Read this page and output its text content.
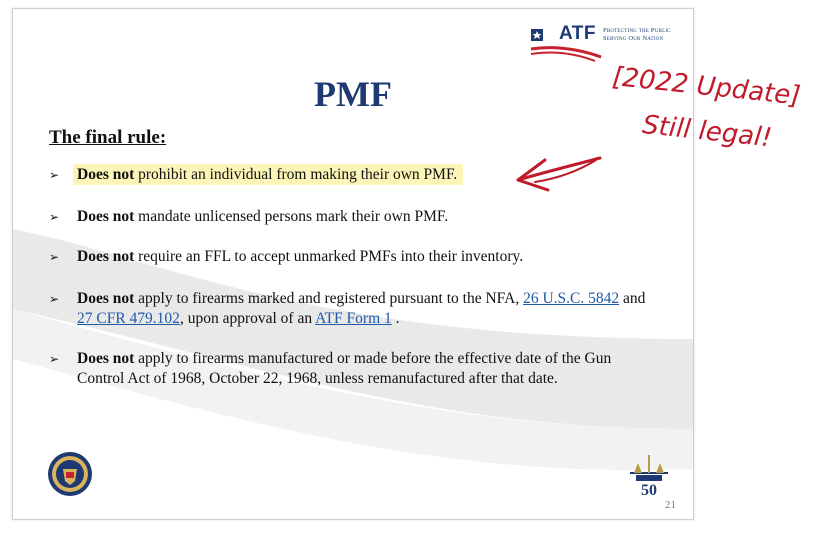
ATF Protecting the Public
Serving Our Nation
PMF
The final rule:
➢ Does not prohibit an individual from making their own PMF.
➢ Does not mandate unlicensed persons mark their own PMF.
➢ Does not require an FFL to accept unmarked PMFs into their inventory.
➢ Does not apply to firearms marked and registered pursuant to the NFA, 26 U.S.C. 5842 and 27 CFR 479.102, upon approval of an ATF Form 1 .
➢ Does not apply to firearms manufactured or made before the effective date of the Gun Control Act of 1968, October 22, 1968, unless remanufactured after that date.
50
21
[2022 Update]
Still legal!
